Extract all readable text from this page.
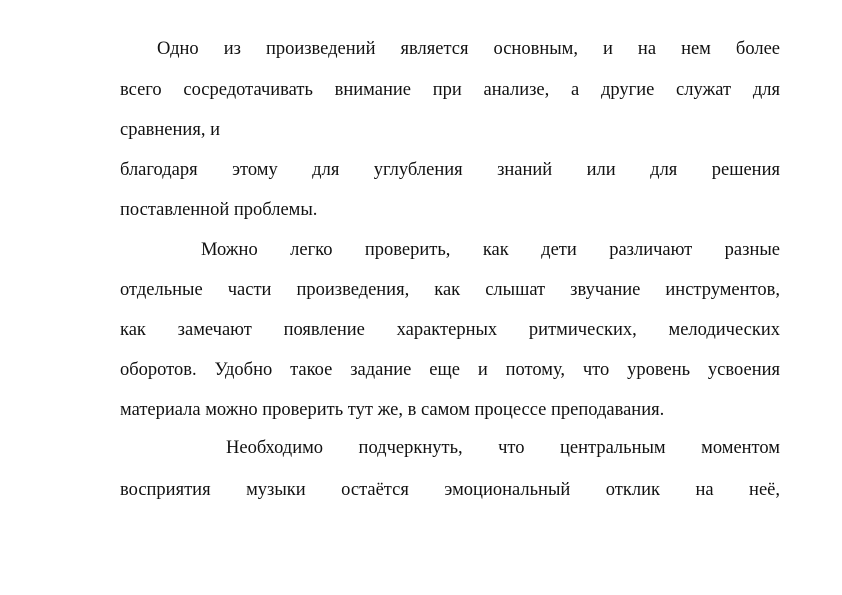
Одно из произведений является основным, и на нем более
всего сосредотачивать внимание при анализе, а другие служат для
сравнения, и
благодаря этому для углубления знаний или для решения
поставленной проблемы.
Можно легко проверить, как дети различают разные
отдельные части произведения, как слышат звучание инструментов,
как замечают появление характерных ритмических, мелодических
оборотов. Удобно такое задание еще и потому, что уровень усвоения
материала можно проверить тут же, в самом процессе преподавания.
Необходимо подчеркнуть, что центральным моментом
восприятия музыки остаётся эмоциональный отклик на неё,
